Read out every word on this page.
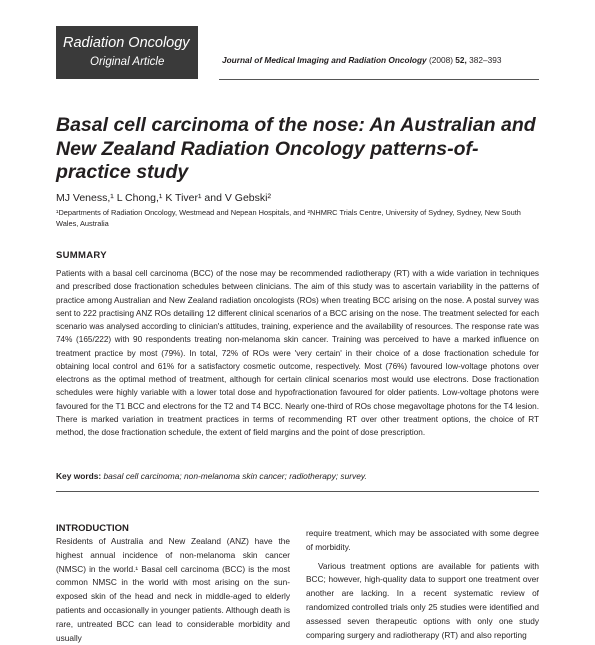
Radiation Oncology
Original Article	Journal of Medical Imaging and Radiation Oncology (2008) 52, 382–393
Basal cell carcinoma of the nose: An Australian and New Zealand Radiation Oncology patterns-of-practice study
MJ Veness,¹ L Chong,¹ K Tiver¹ and V Gebski²
¹Departments of Radiation Oncology, Westmead and Nepean Hospitals, and ²NHMRC Trials Centre, University of Sydney, Sydney, New South Wales, Australia
SUMMARY
Patients with a basal cell carcinoma (BCC) of the nose may be recommended radiotherapy (RT) with a wide variation in techniques and prescribed dose fractionation schedules between clinicians. The aim of this study was to ascertain variability in the patterns of practice among Australian and New Zealand radiation oncologists (ROs) when treating BCC arising on the nose. A postal survey was sent to 222 practising ANZ ROs detailing 12 different clinical scenarios of a BCC arising on the nose. The treatment selected for each scenario was analysed according to clinician's attitudes, training, experience and the availability of resources. The response rate was 74% (165/222) with 90 respondents treating non-melanoma skin cancer. Training was perceived to have a marked influence on treatment practice by most (79%). In total, 72% of ROs were 'very certain' in their choice of a dose fractionation schedule for obtaining local control and 61% for a satisfactory cosmetic outcome, respectively. Most (76%) favoured low-voltage photons over electrons as the optimal method of treatment, although for certain clinical scenarios most would use electrons. Dose fractionation schedules were highly variable with a lower total dose and hypofractionation favoured for older patients. Low-voltage photons were favoured for the T1 BCC and electrons for the T2 and T4 BCC. Nearly one-third of ROs chose megavoltage photons for the T4 lesion. There is marked variation in treatment practices in terms of recommending RT over other treatment options, the choice of RT method, the dose fractionation schedule, the extent of field margins and the point of dose prescription.
Key words: basal cell carcinoma; non-melanoma skin cancer; radiotherapy; survey.
INTRODUCTION

Residents of Australia and New Zealand (ANZ) have the highest annual incidence of non-melanoma skin cancer (NMSC) in the world.¹ Basal cell carcinoma (BCC) is the most common NMSC in the world with most arising on the sun-exposed skin of the head and neck in middle-aged to elderly patients and occasionally in younger patients. Although death is rare, untreated BCC can lead to considerable morbidity and usually

require treatment, which may be associated with some degree of morbidity.

Various treatment options are available for patients with BCC; however, high-quality data to support one treatment over another are lacking. In a recent systematic review of randomized controlled trials only 25 studies were identified and assessed seven therapeutic options with only one study comparing surgery and radiotherapy (RT) and also reporting
